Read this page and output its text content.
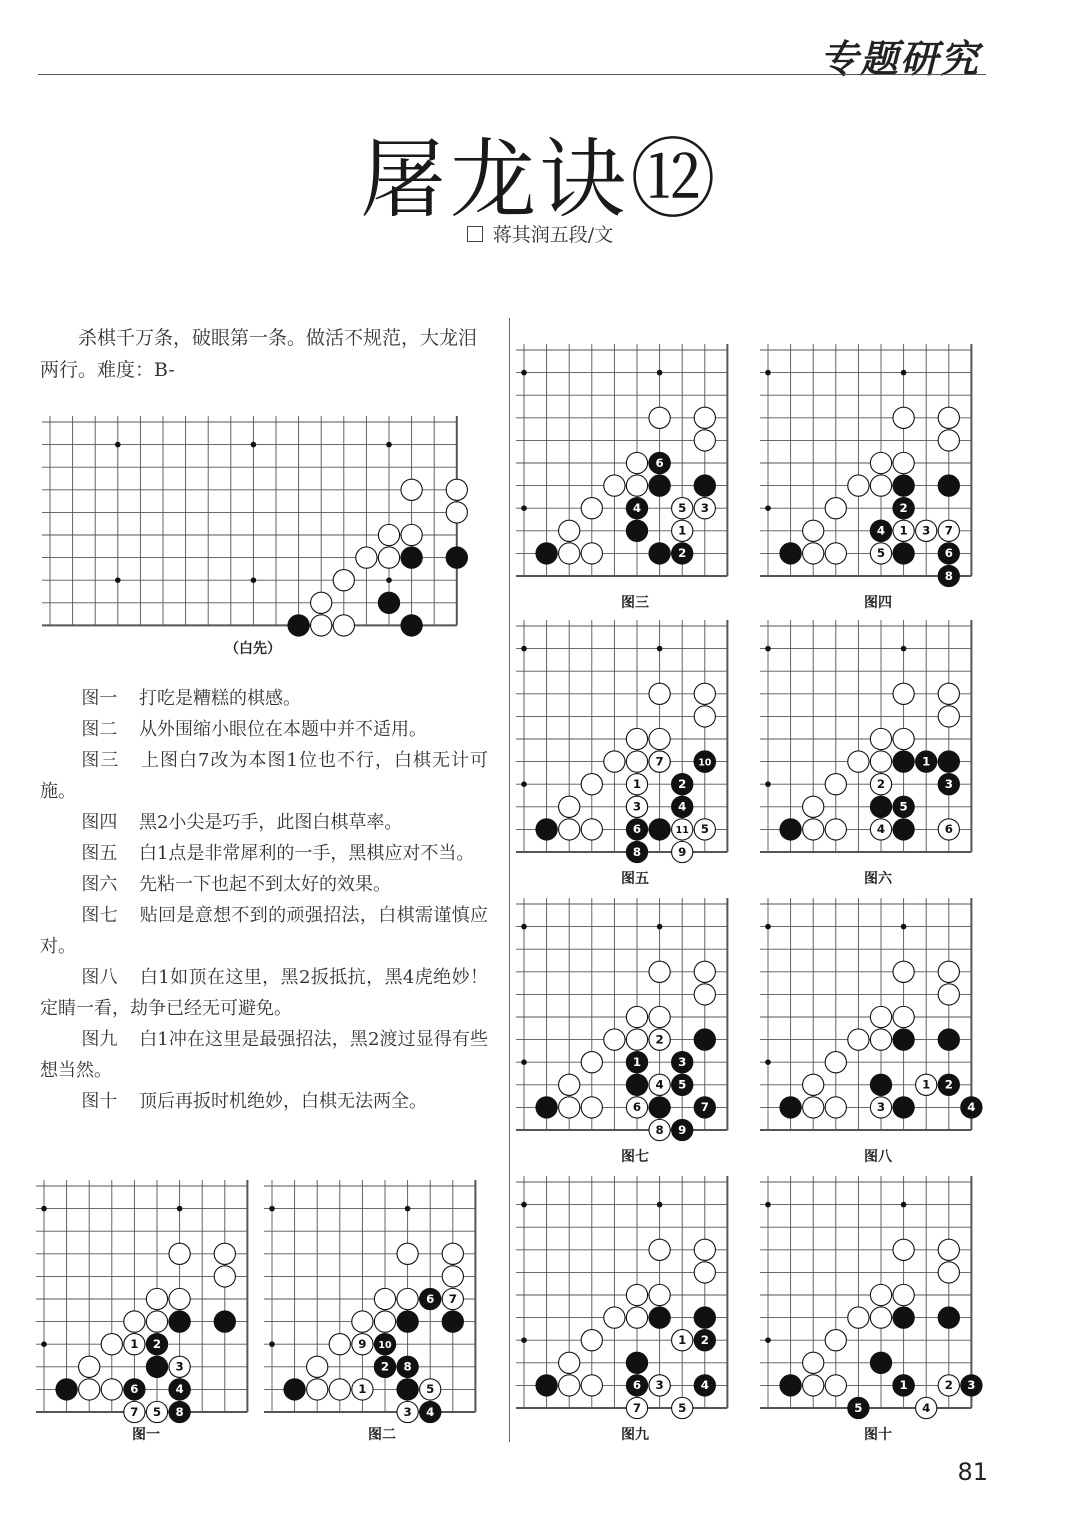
专题研究
屠龙诀⑫
蒋其润五段/文
杀棋千万条，破眼第一条。做活不规范，大龙泪两行。难度：B-
（白先）

图一 打吃是糟糕的棋感。

图二 从外围缩小眼位在本题中并不适用。

图三 上图白7改为本图1位也不行，白棋无计可施。

图四 黑2小尖是巧手，此图白棋草率。

图五 白1点是非常犀利的一手，黑棋应对不当。

图六 先粘一下也起不到太好的效果。

图七 贴回是意想不到的顽强招法，白棋需谨慎应对。

图八 白1如顶在这里，黑2扳抵抗，黑4虎绝妙！定睛一看，劫争已经无可避免。

图九 白1冲在这里是最强招法，黑2渡过显得有些想当然。

图十 顶后再扳时机绝妙，白棋无法两全。

1 2
3
4
5
6
7	8
图一
1
2
3 4
5
6 7
8
9 10
图二
1
2
3
4	5
6
图三
1
2
3
4
5	6
7
8
图四
1	2
3	4
5
6
7
8	9
10
11
图五
1
2	3
4
5
6
图六
1
2
3
4 5
6	7
8 9
图七
1 2
3	4
图八
1 2
3	4
5
6
7
图九
1	2 3
4
5
图十
81
